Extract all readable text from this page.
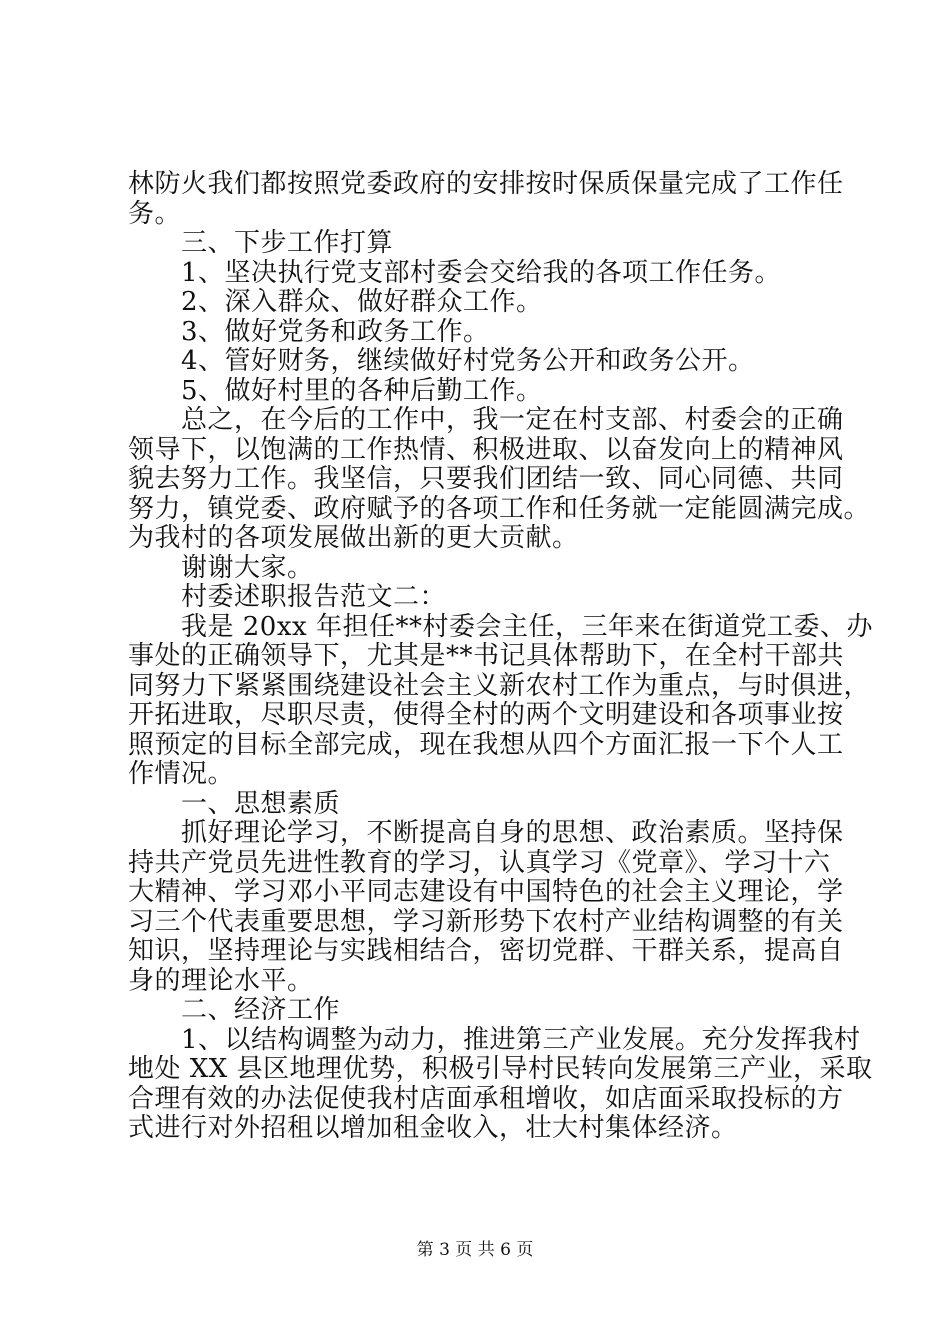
林防火我们都按照党委政府的安排按时保质保量完成了工作任
务。
三、下步工作打算
1、坚决执行党支部村委会交给我的各项工作任务。
2、深入群众、做好群众工作。
3、做好党务和政务工作。
4、管好财务，继续做好村党务公开和政务公开。
5、做好村里的各种后勤工作。
总之，在今后的工作中，我一定在村支部、村委会的正确
领导下，以饱满的工作热情、积极进取、以奋发向上的精神风
貌去努力工作。我坚信，只要我们团结一致、同心同德、共同
努力，镇党委、政府赋予的各项工作和任务就一定能圆满完成。
为我村的各项发展做出新的更大贡献。
谢谢大家。
村委述职报告范文二：
我是 20xx 年担任**村委会主任，三年来在街道党工委、办
事处的正确领导下，尤其是**书记具体帮助下，在全村干部共
同努力下紧紧围绕建设社会主义新农村工作为重点，与时俱进，
开拓进取，尽职尽责，使得全村的两个文明建设和各项事业按
照预定的目标全部完成，现在我想从四个方面汇报一下个人工
作情况。
一、思想素质
抓好理论学习，不断提高自身的思想、政治素质。坚持保
持共产党员先进性教育的学习，认真学习《党章》、学习十六
大精神、学习邓小平同志建设有中国特色的社会主义理论，学
习三个代表重要思想，学习新形势下农村产业结构调整的有关
知识，坚持理论与实践相结合，密切党群、干群关系，提高自
身的理论水平。
二、经济工作
1、以结构调整为动力，推进第三产业发展。充分发挥我村
地处 XX 县区地理优势，积极引导村民转向发展第三产业，采取
合理有效的办法促使我村店面承租增收，如店面采取投标的方
式进行对外招租以增加租金收入，壮大村集体经济。
第 3 页 共 6 页
